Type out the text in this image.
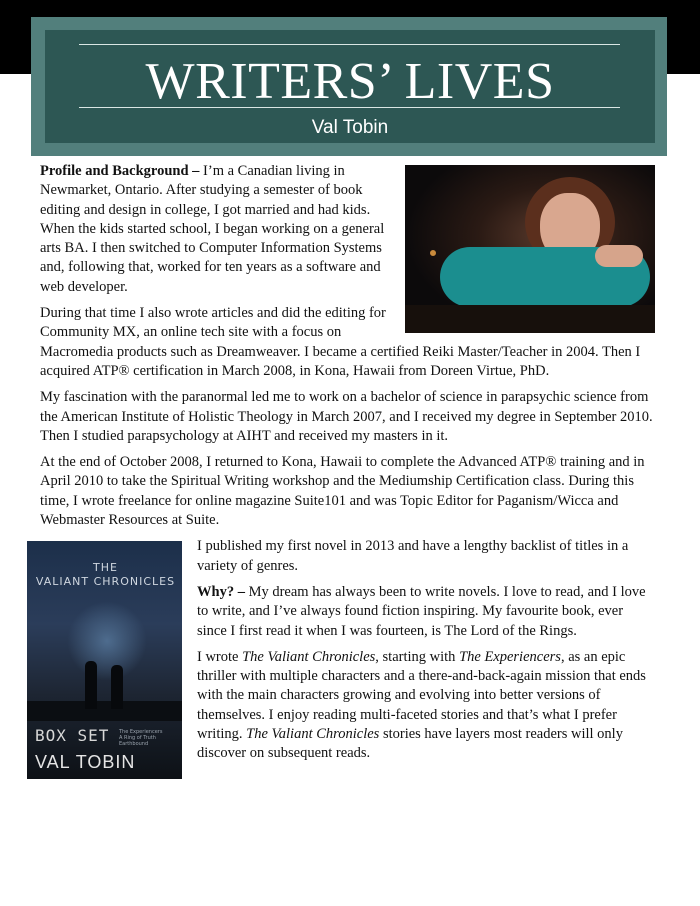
WRITERS’ LIVES
Val Tobin

Profile and Background – I’m a Canadian living in Newmarket, Ontario. After studying a semester of book editing and design in college, I got married and had kids. When the kids started school, I began working on a general arts BA. I then switched to Computer Information Systems and, following that, worked for ten years as a software and web developer.

During that time I also wrote articles and did the editing for Community MX, an online tech site with a focus on Macromedia products such as Dreamweaver. I became a certified Reiki Master/Teacher in 2004. Then I acquired ATP® certification in March 2008, in Kona, Hawaii from Doreen Virtue, PhD.

My fascination with the paranormal led me to work on a bachelor of science in parapsychic science from the American Institute of Holistic Theology in March 2007, and I received my degree in September 2010. Then I studied parapsychology at AIHT and received my masters in it.

At the end of October 2008, I returned to Kona, Hawaii to complete the Advanced ATP® training and in April 2010 to take the Spiritual Writing workshop and the Mediumship Certification class. During this time, I wrote freelance for online magazine Suite101 and was Topic Editor for Paganism/Wicca and Webmaster Resources at Suite.

THE
VALIANT CHRONICLES
BOX SET The Experiencers
A Ring of Truth
Earthbound
VAL TOBIN

I published my first novel in 2013 and have a lengthy backlist of titles in a variety of genres.

Why? – My dream has always been to write novels. I love to read, and I love to write, and I’ve always found fiction inspiring. My favourite book, ever since I first read it when I was fourteen, is The Lord of the Rings.

I wrote The Valiant Chronicles, starting with The Experiencers, as an epic thriller with multiple characters and a there-and-back-again mission that ends with the main characters growing and evolving into better versions of themselves. I enjoy reading multi-faceted stories and that’s what I prefer writing. The Valiant Chronicles stories have layers most readers will only discover on subsequent reads.
